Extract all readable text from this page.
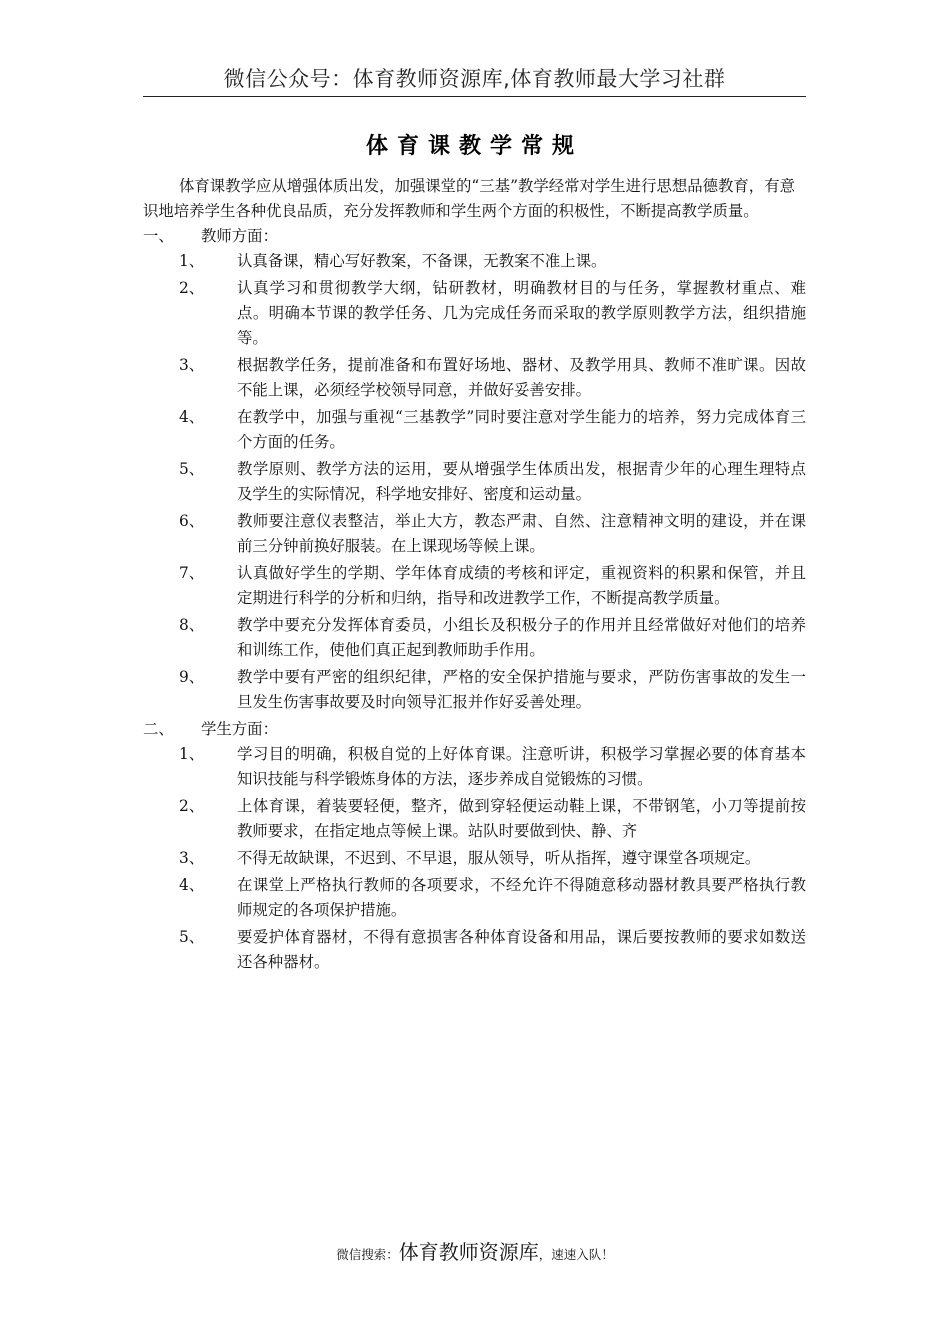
微信公众号：体育教师资源库,体育教师最大学习社群
体育课教学常规

体育课教学应从增强体质出发，加强课堂的“三基”教学经常对学生进行思想品德教育，有意识地培养学生各种优良品质，充分发挥教师和学生两个方面的积极性，不断提高教学质量。

一、	教师方面：
1、	认真备课，精心写好教案，不备课，无教案不准上课。
2、	认真学习和贯彻教学大纲，钻研教材，明确教材目的与任务，掌握教材重点、难点。明确本节课的教学任务、几为完成任务而采取的教学原则教学方法，组织措施等。
3、	根据教学任务，提前准备和布置好场地、器材、及教学用具、教师不准旷课。因故不能上课，必须经学校领导同意，并做好妥善安排。
4、	在教学中，加强与重视“三基教学”同时要注意对学生能力的培养，努力完成体育三个方面的任务。
5、	教学原则、教学方法的运用，要从增强学生体质出发，根据青少年的心理生理特点及学生的实际情况，科学地安排好、密度和运动量。
6、	教师要注意仪表整洁，举止大方，教态严肃、自然、注意精神文明的建设，并在课前三分钟前换好服装。在上课现场等候上课。
7、	认真做好学生的学期、学年体育成绩的考核和评定，重视资料的积累和保管，并且定期进行科学的分析和归纳，指导和改进教学工作，不断提高教学质量。
8、	教学中要充分发挥体育委员，小组长及积极分子的作用并且经常做好对他们的培养和训练工作，使他们真正起到教师助手作用。
9、	教学中要有严密的组织纪律，严格的安全保护措施与要求，严防伤害事故的发生一旦发生伤害事故要及时向领导汇报并作好妥善处理。
二、	学生方面：
1、	学习目的明确，积极自觉的上好体育课。注意听讲，积极学习掌握必要的体育基本知识技能与科学锻炼身体的方法，逐步养成自觉锻炼的习惯。
2、	上体育课，着装要轻便，整齐，做到穿轻便运动鞋上课，不带钢笔，小刀等提前按教师要求，在指定地点等候上课。站队时要做到快、静、齐
3、	不得无故缺课，不迟到、不早退，服从领导，听从指挥，遵守课堂各项规定。
4、	在课堂上严格执行教师的各项要求，不经允许不得随意移动器材教具要严格执行教师规定的各项保护措施。
5、	要爱护体育器材，不得有意损害各种体育设备和用品，课后要按教师的要求如数送还各种器材。
微信搜索：体育教师资源库，速速入队！
